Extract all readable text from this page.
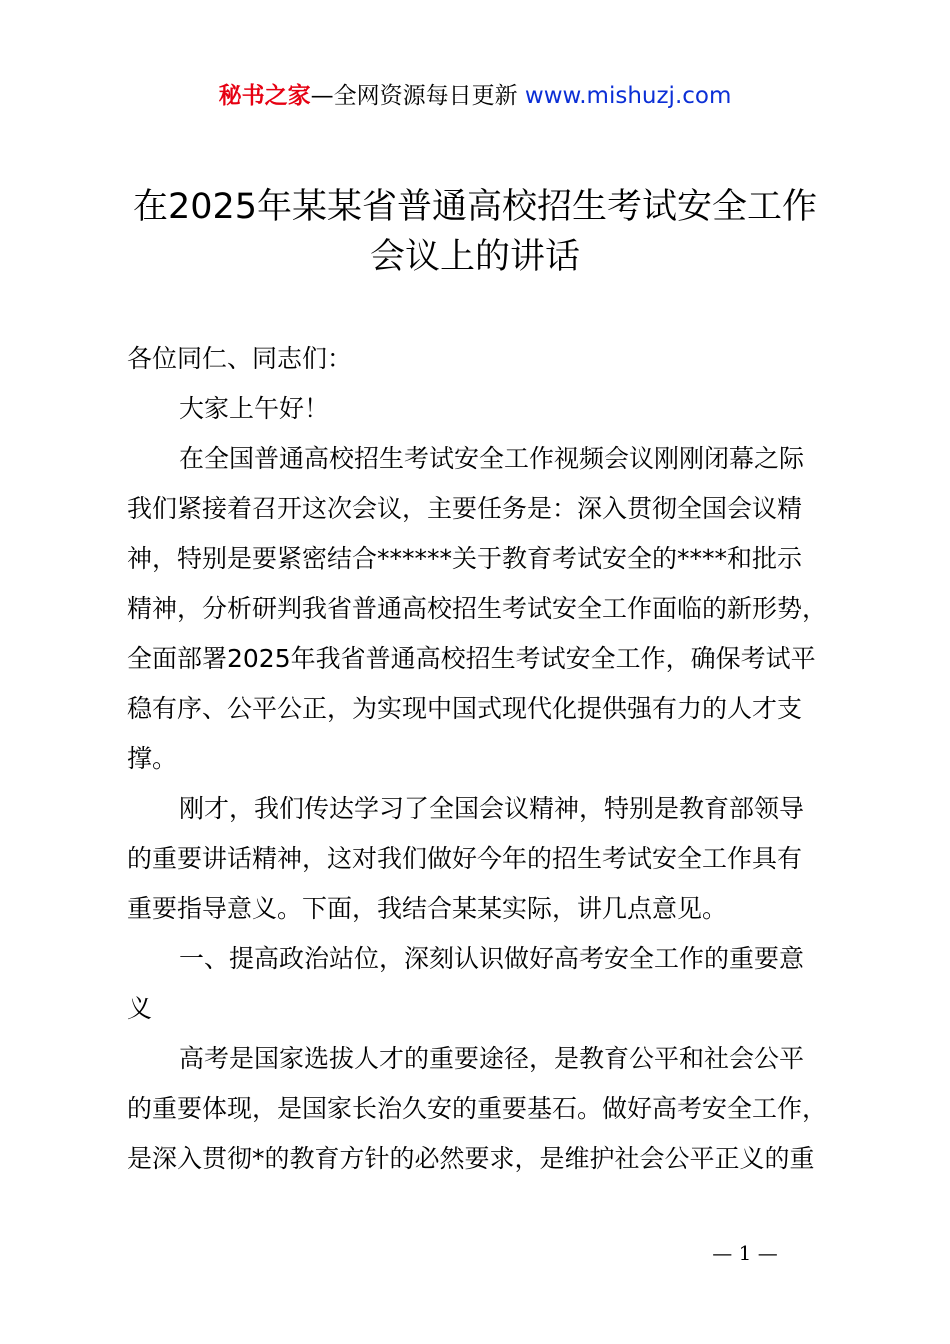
秘书之家—全网资源每日更新 www.mishuzj.com
在2025年某某省普通高校招生考试安全工作
会议上的讲话
各位同仁、同志们：
大家上午好！
在全国普通高校招生考试安全工作视频会议刚刚闭幕之际
我们紧接着召开这次会议，主要任务是：深入贯彻全国会议精
神，特别是要紧密结合******关于教育考试安全的****和批示
精神，分析研判我省普通高校招生考试安全工作面临的新形势，
全面部署2025年我省普通高校招生考试安全工作，确保考试平
稳有序、公平公正，为实现中国式现代化提供强有力的人才支
撑。
刚才，我们传达学习了全国会议精神，特别是教育部领导
的重要讲话精神，这对我们做好今年的招生考试安全工作具有
重要指导意义。下面，我结合某某实际，讲几点意见。
一、提高政治站位，深刻认识做好高考安全工作的重要意
义
高考是国家选拔人才的重要途径，是教育公平和社会公平
的重要体现，是国家长治久安的重要基石。做好高考安全工作，
是深入贯彻*的教育方针的必然要求，是维护社会公平正义的重
— 1 —
